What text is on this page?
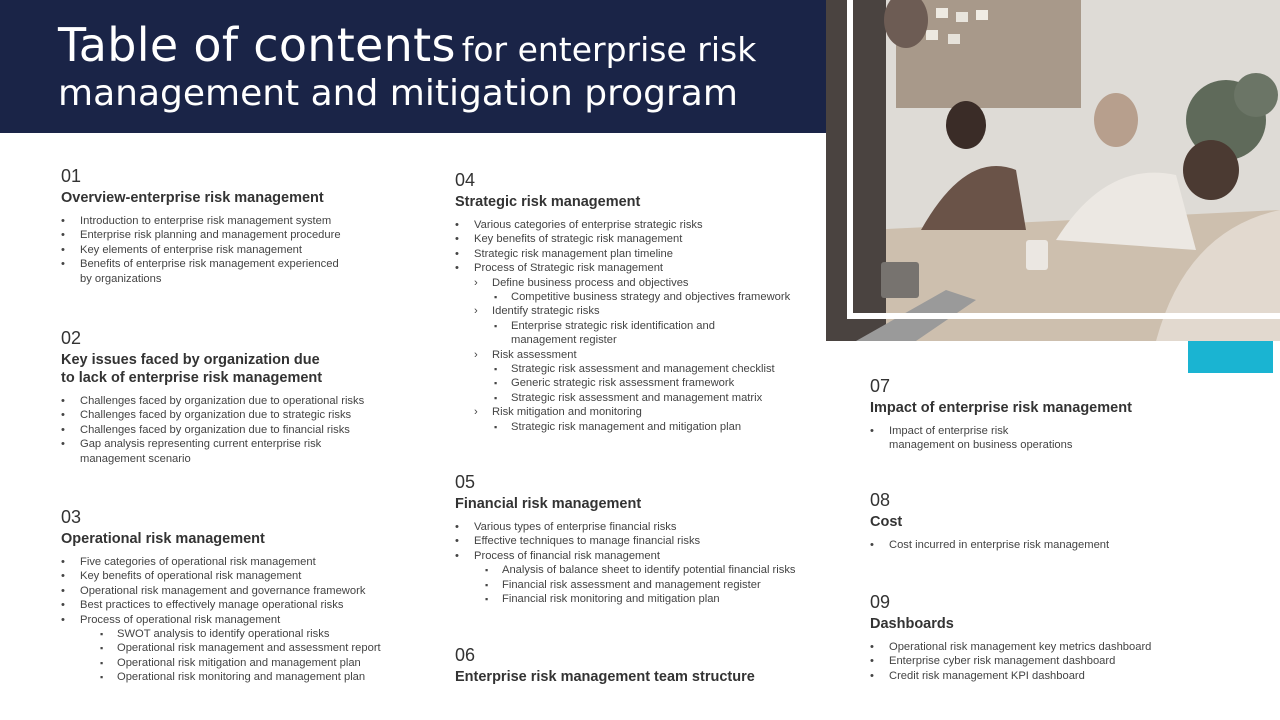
Table of contents for enterprise risk
management and mitigation program
01
Overview-enterprise risk management
• Introduction to enterprise risk management system
• Enterprise risk planning and management procedure
• Key elements of enterprise risk management
• Benefits of enterprise risk management experienced
by organizations
02
Key issues faced by organization due
to lack of enterprise risk management
• Challenges faced by organization due to operational risks
• Challenges faced by organization due to strategic risks
• Challenges faced by organization due to financial risks
• Gap analysis representing current enterprise risk
management scenario
03
Operational risk management
• Five categories of operational risk management
• Key benefits of operational risk management
• Operational risk management and governance framework
• Best practices to effectively manage operational risks
• Process of operational risk management
▪ SWOT analysis to identify operational risks
▪ Operational risk management and assessment report
▪ Operational risk mitigation and management plan
▪ Operational risk monitoring and management plan
04
Strategic risk management
• Various categories of enterprise strategic risks
• Key benefits of strategic risk management
• Strategic risk management plan timeline
• Process of Strategic risk management
› Define business process and objectives
▪ Competitive business strategy and objectives framework
› Identify strategic risks
▪ Enterprise strategic risk identification and
management register
› Risk assessment
▪ Strategic risk assessment and management checklist
▪ Generic strategic risk assessment framework
▪ Strategic risk assessment and management matrix
› Risk mitigation and monitoring
▪ Strategic risk management and mitigation plan
05
Financial risk management
• Various types of enterprise financial risks
• Effective techniques to manage financial risks
• Process of financial risk management
▪ Analysis of balance sheet to identify potential financial risks
▪ Financial risk assessment and management register
▪ Financial risk monitoring and mitigation plan
06
Enterprise risk management team structure
07
Impact of enterprise risk management
• Impact of enterprise risk
management on business operations
08
Cost
• Cost incurred in enterprise risk management
09
Dashboards
• Operational risk management key metrics dashboard
• Enterprise cyber risk management dashboard
• Credit risk management KPI dashboard
